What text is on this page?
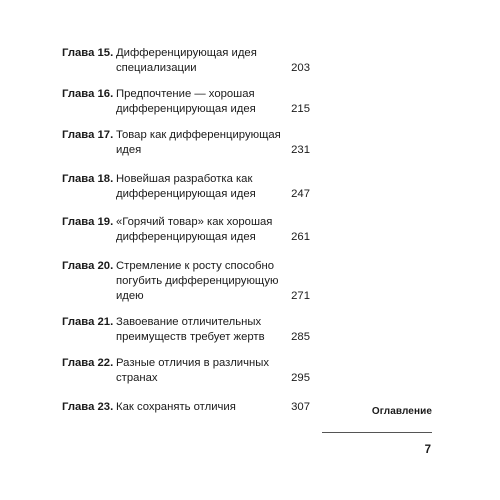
Глава 15. Дифференцирующая идея
специализации	203
Глава 16. Предпочтение — хорошая
дифференцирующая идея	215
Глава 17. Товар как дифференцирующая
идея	231
Глава 18. Новейшая разработка как
дифференцирующая идея	247
Глава 19. «Горячий товар» как хорошая
дифференцирующая идея	261
Глава 20. Стремление к росту способно
погубить дифференцирующую
идею	271
Глава 21. Завоевание отличительных
преимуществ требует жертв	285
Глава 22. Разные отличия в различных
странах	295
Глава 23. Как сохранять отличия	307	Оглавление
7
